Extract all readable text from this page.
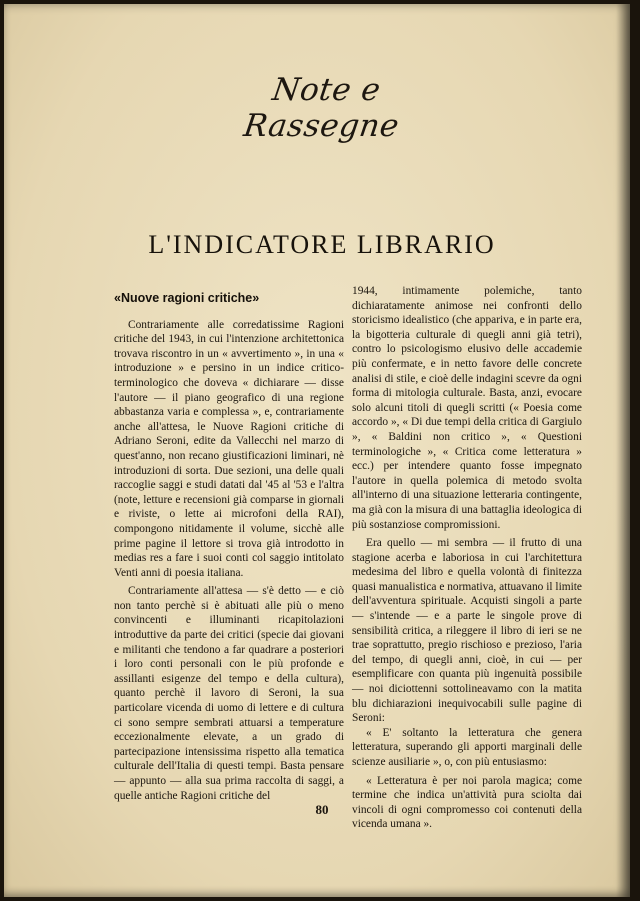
Note e Rassegne
L'INDICATORE LIBRARIO
«Nuove ragioni critiche»

Contrariamente alle corredatissime Ragioni critiche del 1943, in cui l'intenzione architettonica trovava riscontro in un « avvertimento », in una « introduzione » e persino in un indice critico-terminologico che doveva « dichiarare — disse l'autore — il piano geografico di una regione abbastanza varia e complessa », e, contrariamente anche all'attesa, le Nuove Ragioni critiche di Adriano Seroni, edite da Vallecchi nel marzo di quest'anno, non recano giustificazioni liminari, nè introduzioni di sorta. Due sezioni, una delle quali raccoglie saggi e studi datati dal '45 al '53 e l'altra (note, letture e recensioni già comparse in giornali e riviste, o lette ai microfoni della RAI), compongono nitidamente il volume, sicchè alle prime pagine il lettore si trova già introdotto in medias res a fare i suoi conti col saggio intitolato Venti anni di poesia italiana.

Contrariamente all'attesa — s'è detto — e ciò non tanto perchè si è abituati alle più o meno convincenti e illuminanti ricapitolazioni introduttive da parte dei critici (specie dai giovani e militanti che tendono a far quadrare a posteriori i loro conti personali con le più profonde e assillanti esigenze del tempo e della cultura), quanto perchè il lavoro di Seroni, la sua particolare vicenda di uomo di lettere e di cultura ci sono sempre sembrati attuarsi a temperature eccezionalmente elevate, a un grado di partecipazione intensissima rispetto alla tematica culturale dell'Italia di questi tempi. Basta pensare — appunto — alla sua prima raccolta di saggi, a quelle antiche Ragioni critiche del

1944, intimamente polemiche, tanto dichiaratamente animose nei confronti dello storicismo idealistico (che appariva, e in parte era, la bigotteria culturale di quegli anni già tetri), contro lo psicologismo elusivo delle accademie più confermate, e in netto favore delle concrete analisi di stile, e cioè delle indagini scevre da ogni forma di mitologia culturale. Basta, anzi, evocare solo alcuni titoli di quegli scritti (« Poesia come accordo », « Di due tempi della critica di Gargiulo », « Baldini non critico », « Questioni terminologiche », « Critica come letteratura » ecc.) per intendere quanto fosse impegnato l'autore in quella polemica di metodo svolta all'interno di una situazione letteraria contingente, ma già con la misura di una battaglia ideologica di più sostanziose compromissioni.

Era quello — mi sembra — il frutto di una stagione acerba e laboriosa in cui l'architettura medesima del libro e quella volontà di finitezza quasi manualistica e normativa, attuavano il limite dell'avventura spirituale. Acquisti singoli a parte — s'intende — e a parte le singole prove di sensibilità critica, a rileggere il libro di ieri se ne trae soprattutto, pregio rischioso e prezioso, l'aria del tempo, di quegli anni, cioè, in cui — per esemplificare con quanta più ingenuità possibile — noi diciottenni sottolineavamo con la matita blu dichiarazioni inequivocabili sulle pagine di Seroni:

« E' soltanto la letteratura che genera letteratura, superando gli apporti marginali delle scienze ausiliarie », o, con più entusiasmo:

« Letteratura è per noi parola magica; come termine che indica un'attività pura sciolta dai vincoli di ogni compromesso coi contenuti della vicenda umana ».

80
